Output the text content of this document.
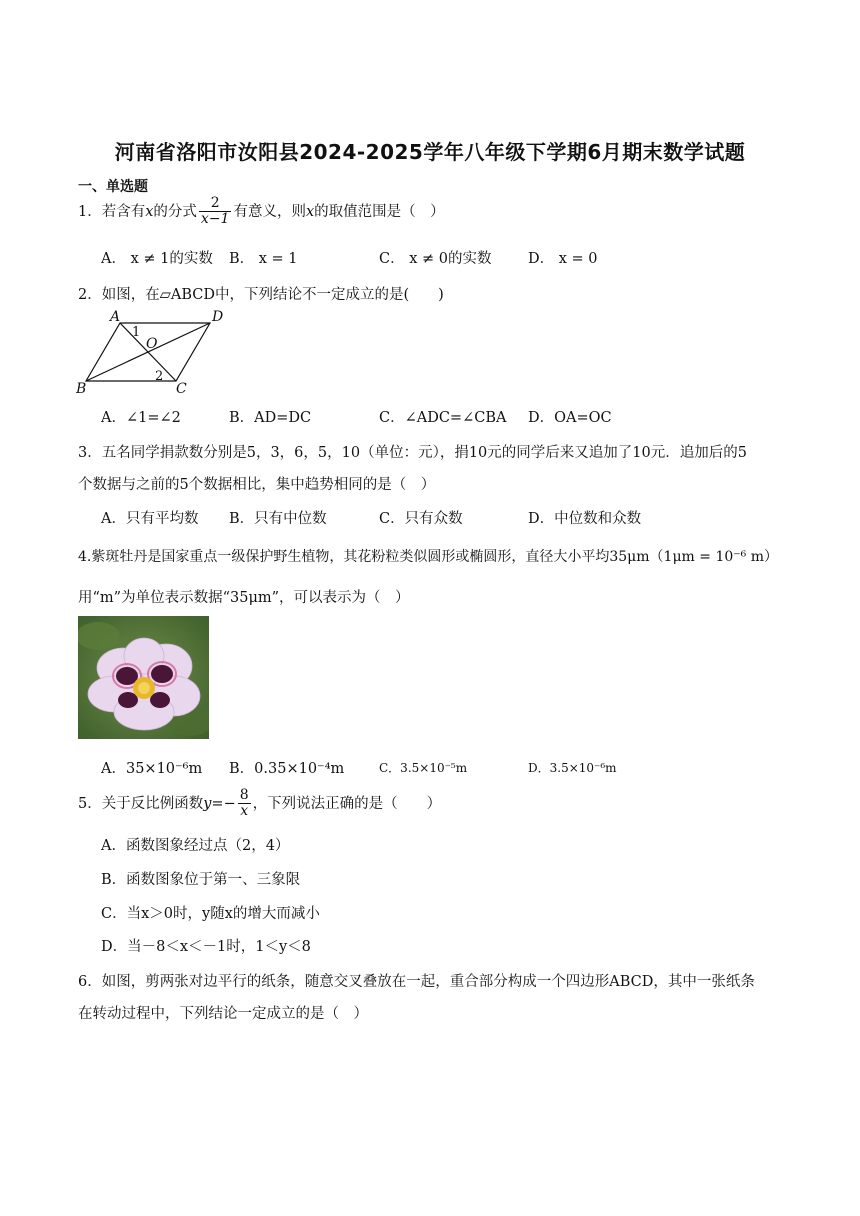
河南省洛阳市汝阳县2024-2025学年八年级下学期6月期末数学试题
一、单选题
1．若含有x的分式 $\frac{2}{x-1}$ 有意义，则x的取值范围是（　）
A． x ≠ 1的实数 B． x = 1	C． x ≠ 0的实数	D． x = 0
2．如图，在▱ABCD中，下列结论不一定成立的是(　　)
A	D
B	C
O
1
2
A．∠1=∠2	B．AD=DC	C．∠ADC=∠CBA D．OA=OC
3．五名同学捐款数分别是5，3，6，5，10（单位：元），捐10元的同学后来又追加了10元．追加后的5
个数据与之前的5个数据相比，集中趋势相同的是（　）
A．只有平均数 B．只有中位数	C．只有众数	D．中位数和众数
4.紫斑牡丹是国家重点一级保护野生植物，其花粉粒类似圆形或椭圆形，直径大小平均35μm（1μm = 10⁻⁶ m）
用“m”为单位表示数据“35μm”，可以表示为（　）
A．35×10⁻⁶m B．0.35×10⁻⁴m	C．3.5×10⁻⁵m	D．3.5×10⁻⁶m
5．关于反比例函数$y=- \frac{8}{x}$ ，下列说法正确的是（　　）
A．函数图象经过点（2，4）
B．函数图象位于第一、三象限
C．当x＞0时，y随x的增大而减小
D．当－8＜x＜－1时，1＜y＜8
6．如图，剪两张对边平行的纸条，随意交叉叠放在一起，重合部分构成一个四边形ABCD，其中一张纸条
在转动过程中，下列结论一定成立的是（　）
